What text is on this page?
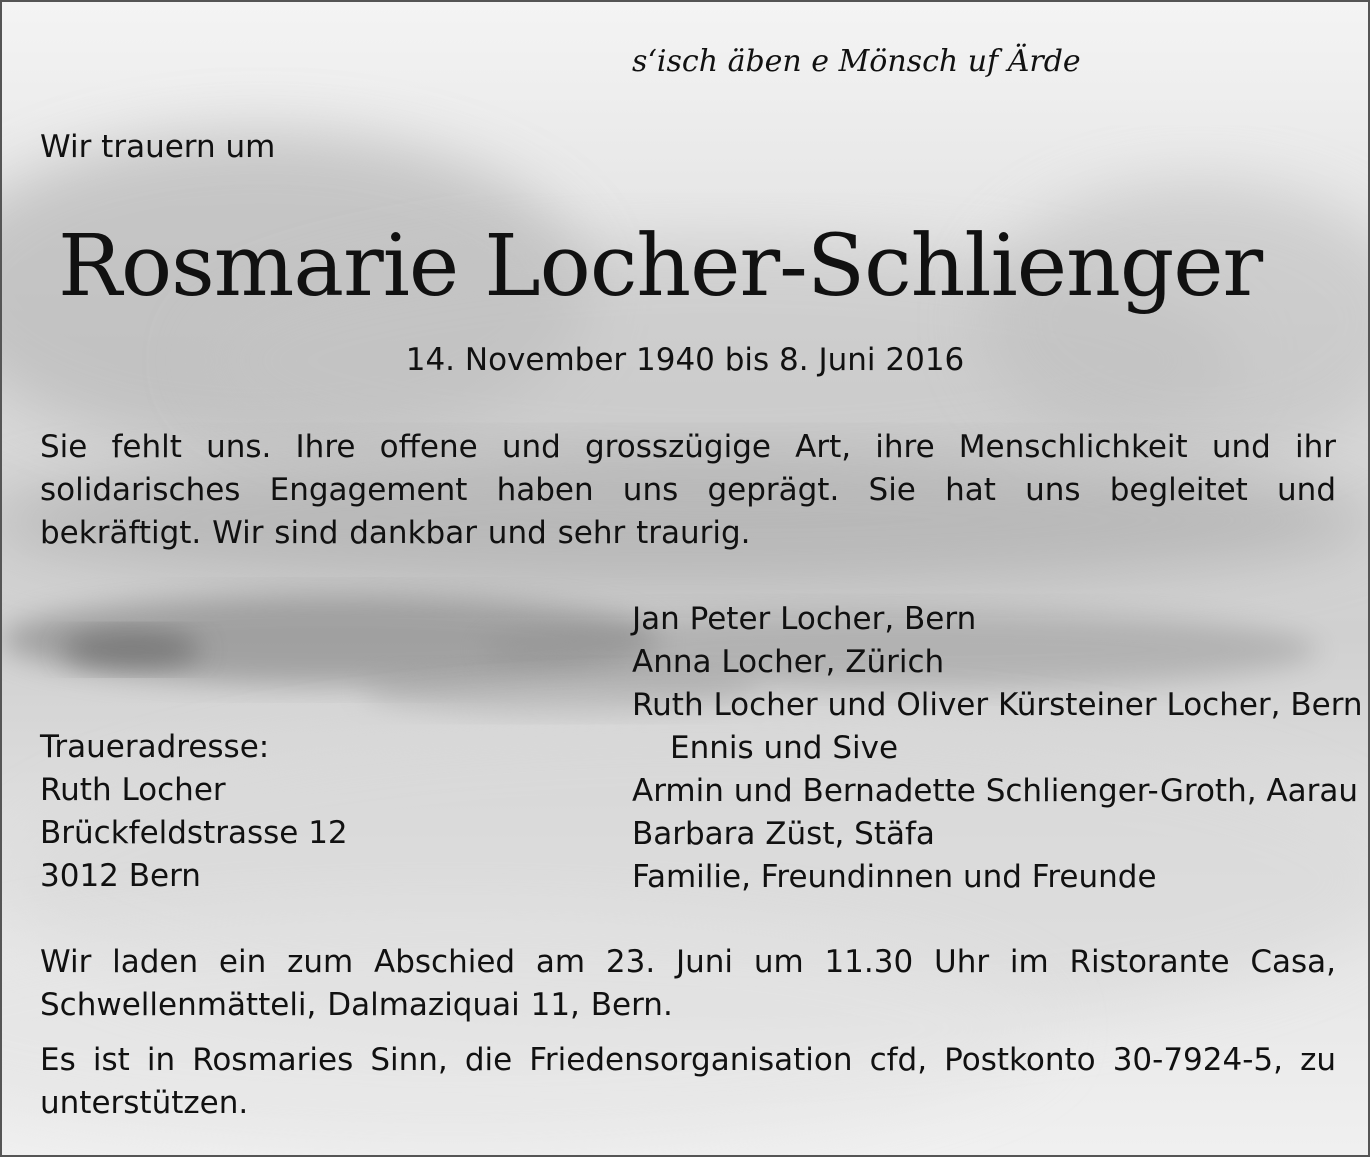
s‘isch äben e Mönsch uf Ärde

Wir trauern um

Rosmarie Locher-Schlienger

14. November 1940 bis 8. Juni 2016

Sie fehlt uns. Ihre offene und grosszügige Art, ihre Menschlichkeit und ihr solidarisches Engagement haben uns geprägt. Sie hat uns begleitet und bekräftigt. Wir sind dankbar und sehr traurig.

Jan Peter Locher, Bern
Anna Locher, Zürich
Ruth Locher und Oliver Kürsteiner Locher, Bern
Ennis und Sive
Armin und Bernadette Schlienger-Groth, Aarau
Barbara Züst, Stäfa
Familie, Freundinnen und Freunde
Traueradresse:
Ruth Locher
Brückfeldstrasse 12
3012 Bern

Wir laden ein zum Abschied am 23. Juni um 11.30 Uhr im Ristorante Casa, Schwellenmätteli, Dalmaziquai 11, Bern.

Es ist in Rosmaries Sinn, die Friedensorganisation cfd, Postkonto 30-7924-5, zu unterstützen.
